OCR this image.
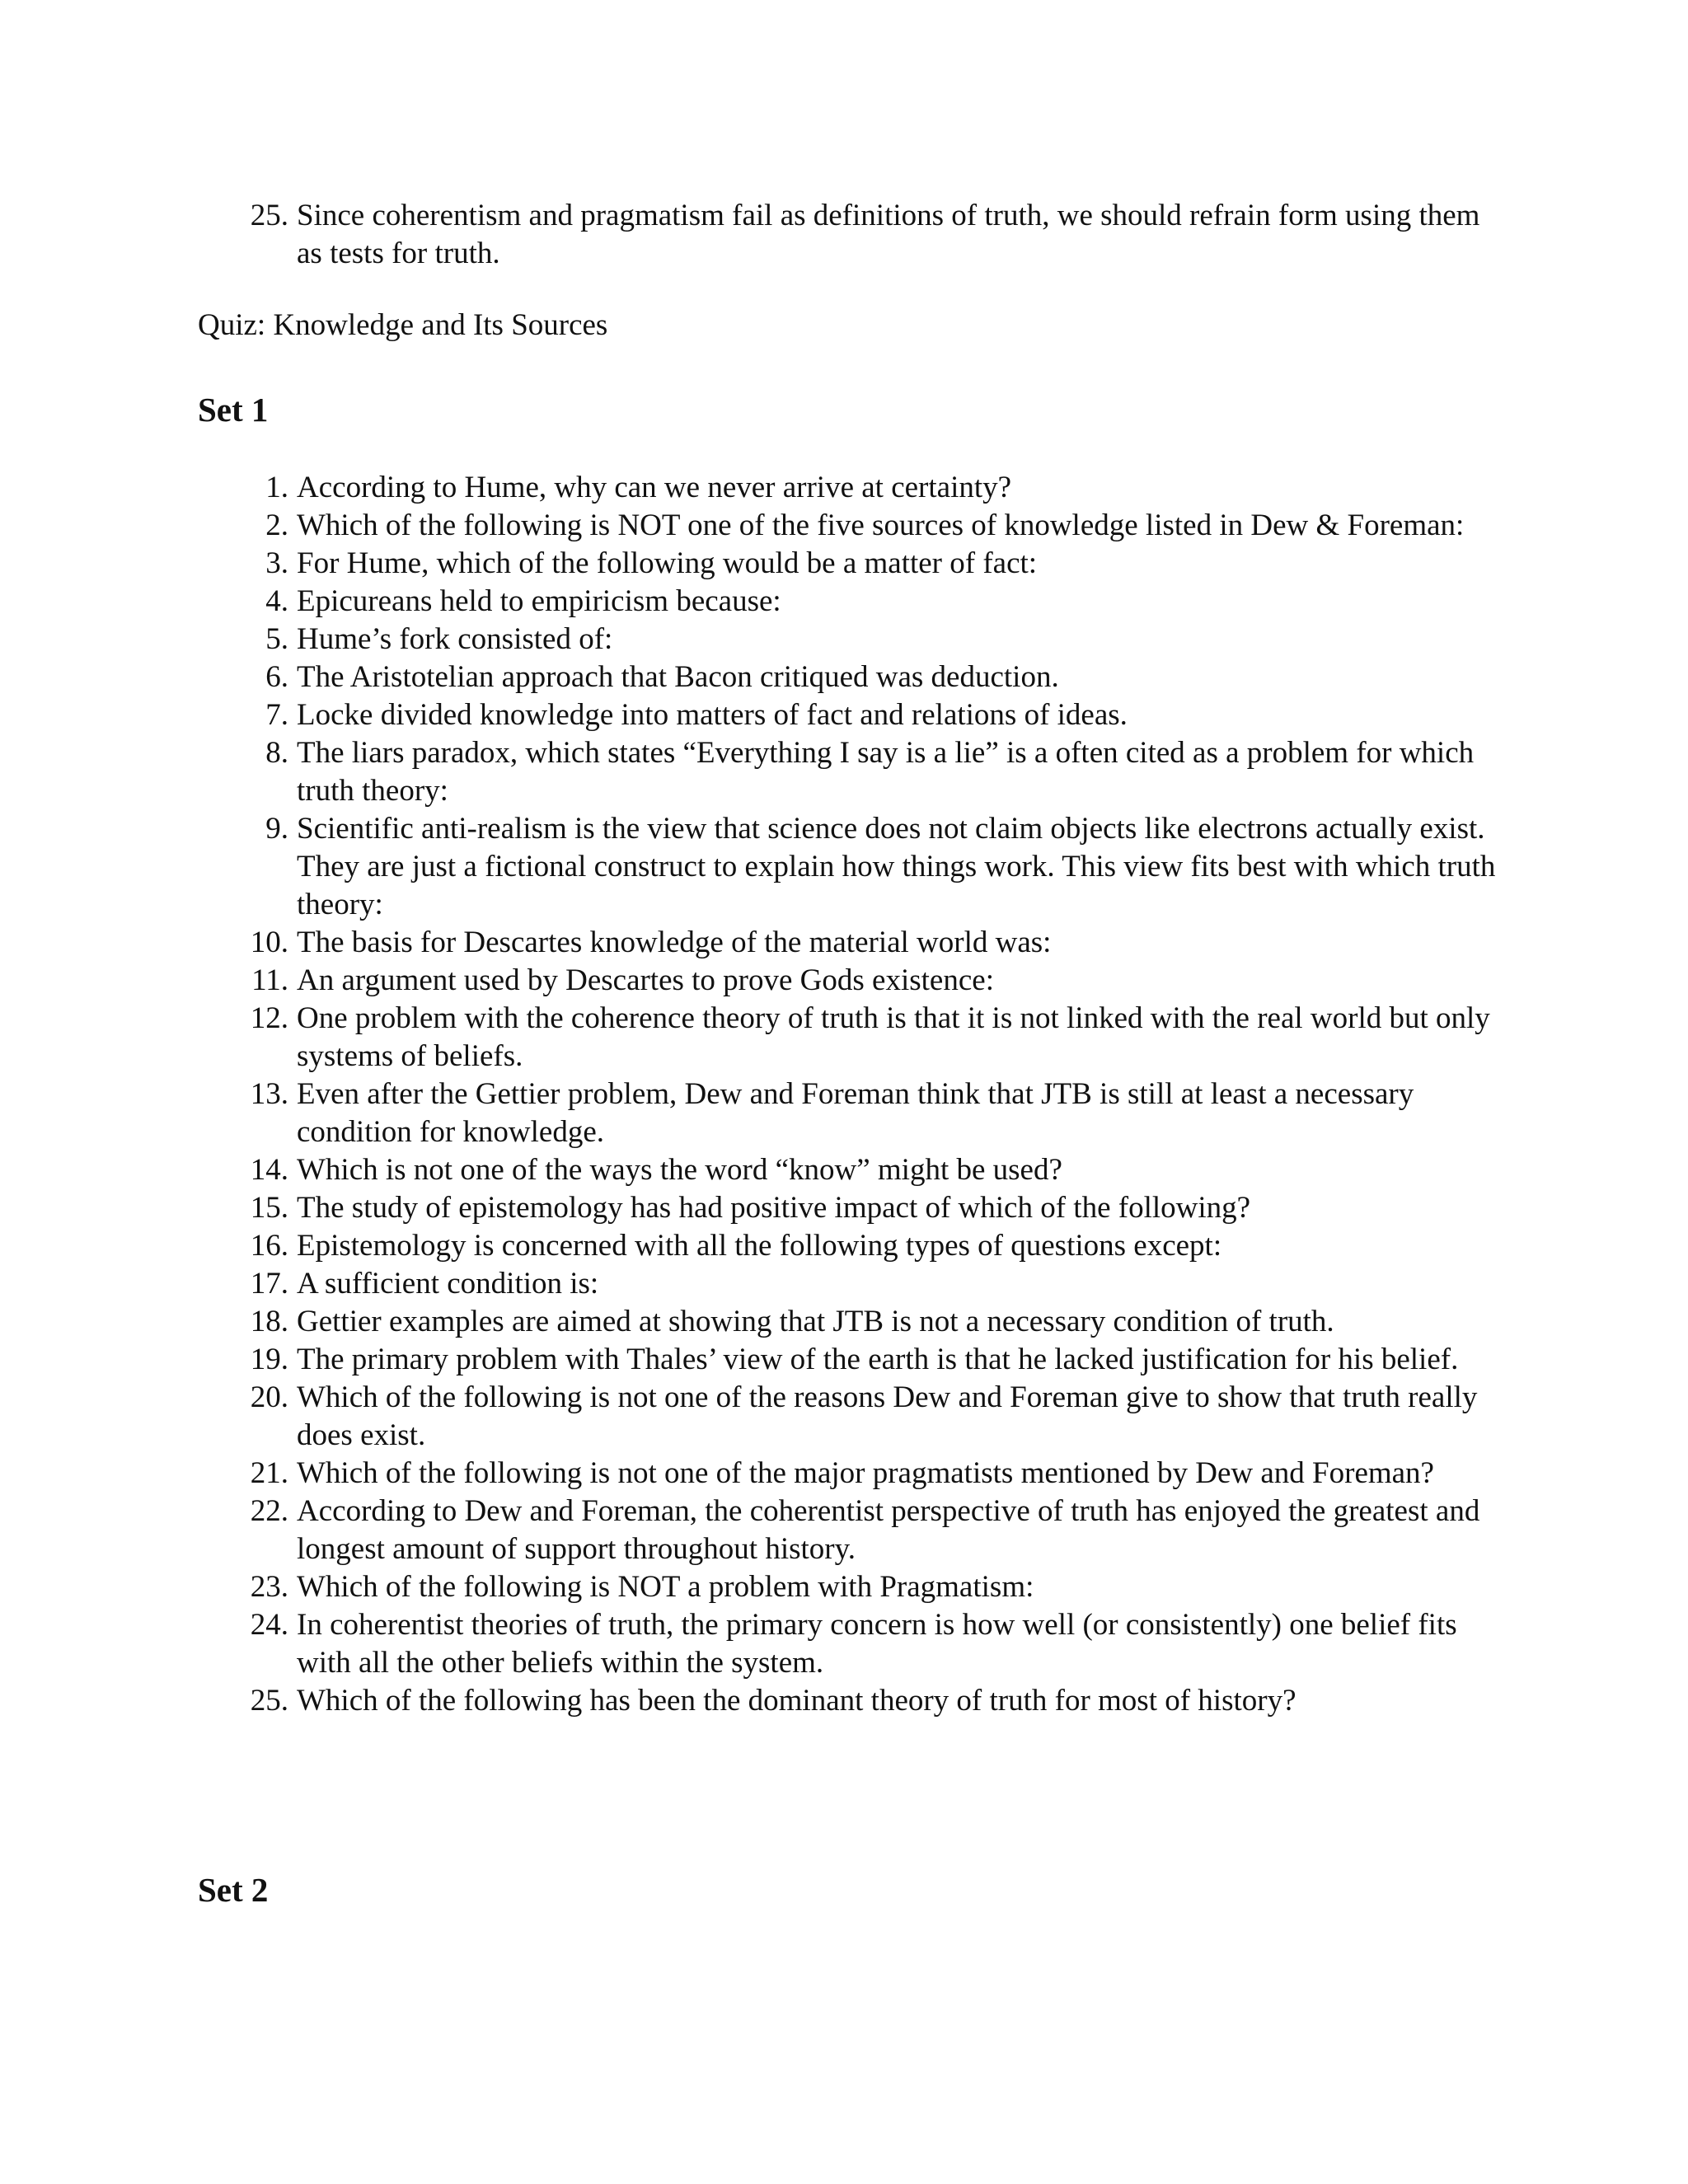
25. Since coherentism and pragmatism fail as definitions of truth, we should refrain form using them as tests for truth.
Quiz: Knowledge and Its Sources
Set 1
1. According to Hume, why can we never arrive at certainty?
2. Which of the following is NOT one of the five sources of knowledge listed in Dew & Foreman:
3. For Hume, which of the following would be a matter of fact:
4. Epicureans held to empiricism because:
5. Hume’s fork consisted of:
6. The Aristotelian approach that Bacon critiqued was deduction.
7. Locke divided knowledge into matters of fact and relations of ideas.
8. The liars paradox, which states “Everything I say is a lie” is a often cited as a problem for which truth theory:
9. Scientific anti-realism is the view that science does not claim objects like electrons actually exist. They are just a fictional construct to explain how things work. This view fits best with which truth theory:
10. The basis for Descartes knowledge of the material world was:
11. An argument used by Descartes to prove Gods existence:
12. One problem with the coherence theory of truth is that it is not linked with the real world but only systems of beliefs.
13. Even after the Gettier problem, Dew and Foreman think that JTB is still at least a necessary condition for knowledge.
14. Which is not one of the ways the word “know” might be used?
15. The study of epistemology has had positive impact of which of the following?
16. Epistemology is concerned with all the following types of questions except:
17. A sufficient condition is:
18. Gettier examples are aimed at showing that JTB is not a necessary condition of truth.
19. The primary problem with Thales’ view of the earth is that he lacked justification for his belief.
20. Which of the following is not one of the reasons Dew and Foreman give to show that truth really does exist.
21. Which of the following is not one of the major pragmatists mentioned by Dew and Foreman?
22. According to Dew and Foreman, the coherentist perspective of truth has enjoyed the greatest and longest amount of support throughout history.
23. Which of the following is NOT a problem with Pragmatism:
24. In coherentist theories of truth, the primary concern is how well (or consistently) one belief fits with all the other beliefs within the system.
25. Which of the following has been the dominant theory of truth for most of history?
Set 2
